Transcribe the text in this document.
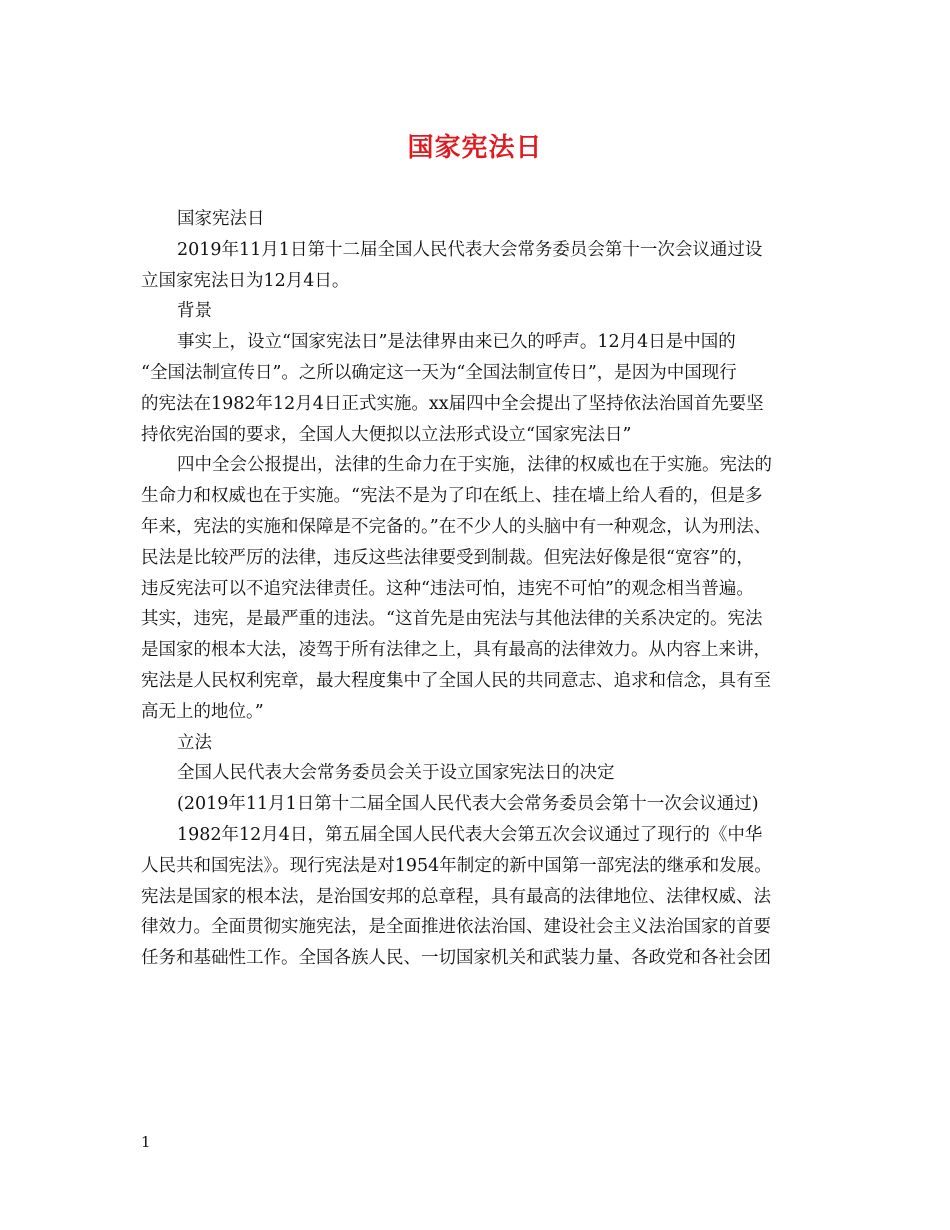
国家宪法日
国家宪法日
2019年11月1日第十二届全国人民代表大会常务委员会第十一次会议通过设
立国家宪法日为12月4日。
背景
事实上，设立“国家宪法日”是法律界由来已久的呼声。12月4日是中国的
“全国法制宣传日”。之所以确定这一天为“全国法制宣传日”，是因为中国现行
的宪法在1982年12月4日正式实施。xx届四中全会提出了坚持依法治国首先要坚
持依宪治国的要求，全国人大便拟以立法形式设立“国家宪法日”
四中全会公报提出，法律的生命力在于实施，法律的权威也在于实施。宪法的
生命力和权威也在于实施。“宪法不是为了印在纸上、挂在墙上给人看的，但是多
年来，宪法的实施和保障是不完备的。”在不少人的头脑中有一种观念，认为刑法、
民法是比较严厉的法律，违反这些法律要受到制裁。但宪法好像是很“宽容”的，
违反宪法可以不追究法律责任。这种“违法可怕，违宪不可怕”的观念相当普遍。
其实，违宪，是最严重的违法。“这首先是由宪法与其他法律的关系决定的。宪法
是国家的根本大法，凌驾于所有法律之上，具有最高的法律效力。从内容上来讲，
宪法是人民权利宪章，最大程度集中了全国人民的共同意志、追求和信念，具有至
高无上的地位。”
立法
全国人民代表大会常务委员会关于设立国家宪法日的决定
(2019年11月1日第十二届全国人民代表大会常务委员会第十一次会议通过)
1982年12月4日，第五届全国人民代表大会第五次会议通过了现行的《中华
人民共和国宪法》。现行宪法是对1954年制定的新中国第一部宪法的继承和发展。
宪法是国家的根本法，是治国安邦的总章程，具有最高的法律地位、法律权威、法
律效力。全面贯彻实施宪法，是全面推进依法治国、建设社会主义法治国家的首要
任务和基础性工作。全国各族人民、一切国家机关和武装力量、各政党和各社会团
1
